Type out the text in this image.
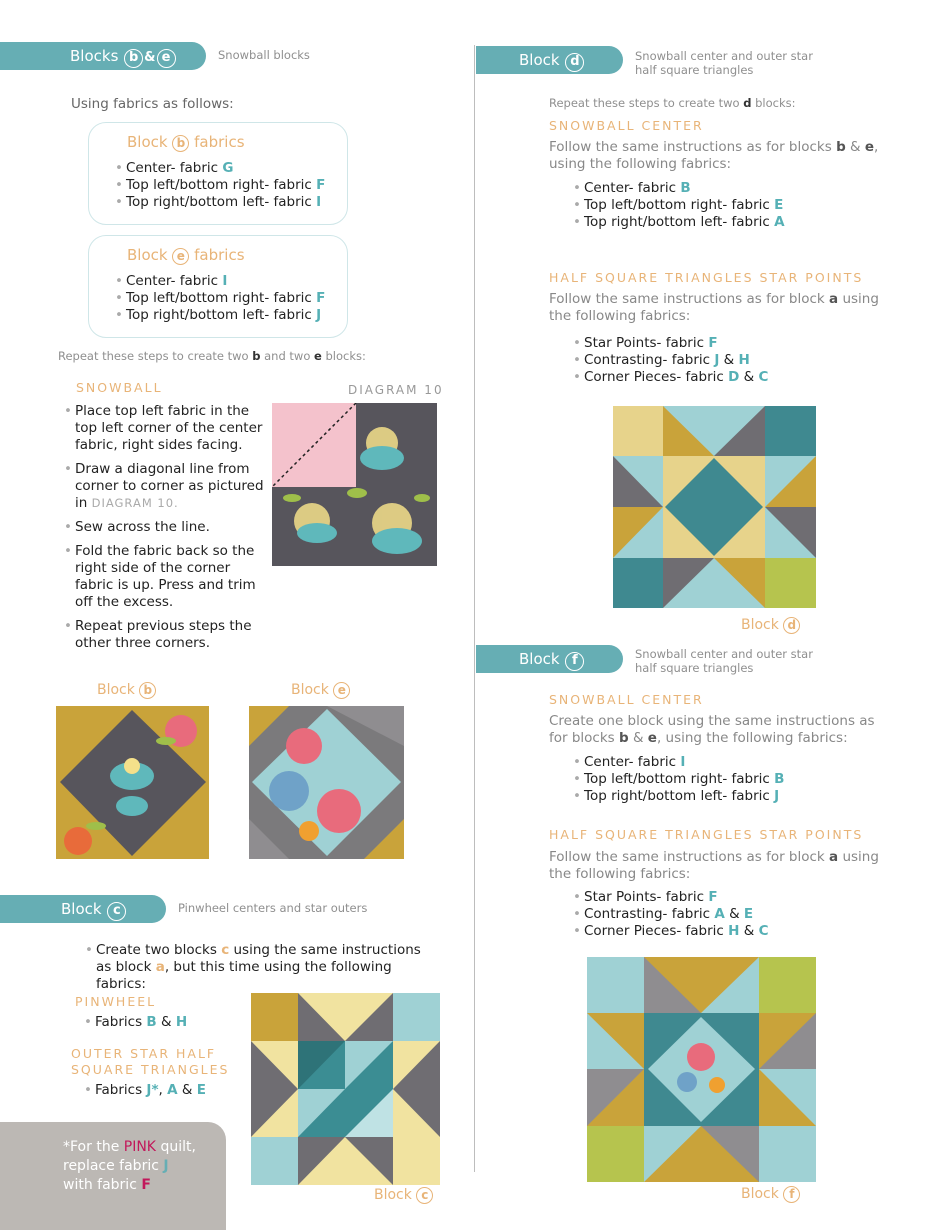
Blocks b & e	Snowball blocks
Using fabrics as follows:
Block b fabrics
• Center- fabric G
• Top left/bottom right- fabric F
• Top right/bottom left- fabric I
Block e fabrics
• Center- fabric I
• Top left/bottom right- fabric F
• Top right/bottom left- fabric J
Repeat these steps to create two b and two e blocks:
SNOWBALL	DIAGRAM 10
• Place top left fabric in the top left corner of the center fabric, right sides facing.
• Draw a diagonal line from corner to corner as pictured in DIAGRAM 10.
• Sew across the line.
• Fold the fabric back so the right side of the corner fabric is up. Press and trim off the excess.
• Repeat previous steps the other three corners.
Block b	Block e
Block c	Pinwheel centers and star outers
• Create two blocks c using the same instructions as block a, but this time using the following fabrics:
PINWHEEL
• Fabrics B & H
OUTER STAR HALF
SQUARE TRIANGLES
• Fabrics J*, A & E
Block c
*For the PINK quilt,
replace fabric J
with fabric F
Block d	Snowball center and outer star
half square triangles
Repeat these steps to create two d blocks:
SNOWBALL CENTER
Follow the same instructions as for blocks b & e,
using the following fabrics:
• Center- fabric B
• Top left/bottom right- fabric E
• Top right/bottom left- fabric A
HALF SQUARE TRIANGLES STAR POINTS
Follow the same instructions as for block a using
the following fabrics:
• Star Points- fabric F
• Contrasting- fabric J & H
• Corner Pieces- fabric D & C
Block d
Block f	Snowball center and outer star
half square triangles
SNOWBALL CENTER
Create one block using the same instructions as
for blocks b & e, using the following fabrics:
• Center- fabric I
• Top left/bottom right- fabric B
• Top right/bottom left- fabric J
HALF SQUARE TRIANGLES STAR POINTS
Follow the same instructions as for block a using
the following fabrics:
• Star Points- fabric F
• Contrasting- fabric A & E
• Corner Pieces- fabric H & C
Block f
